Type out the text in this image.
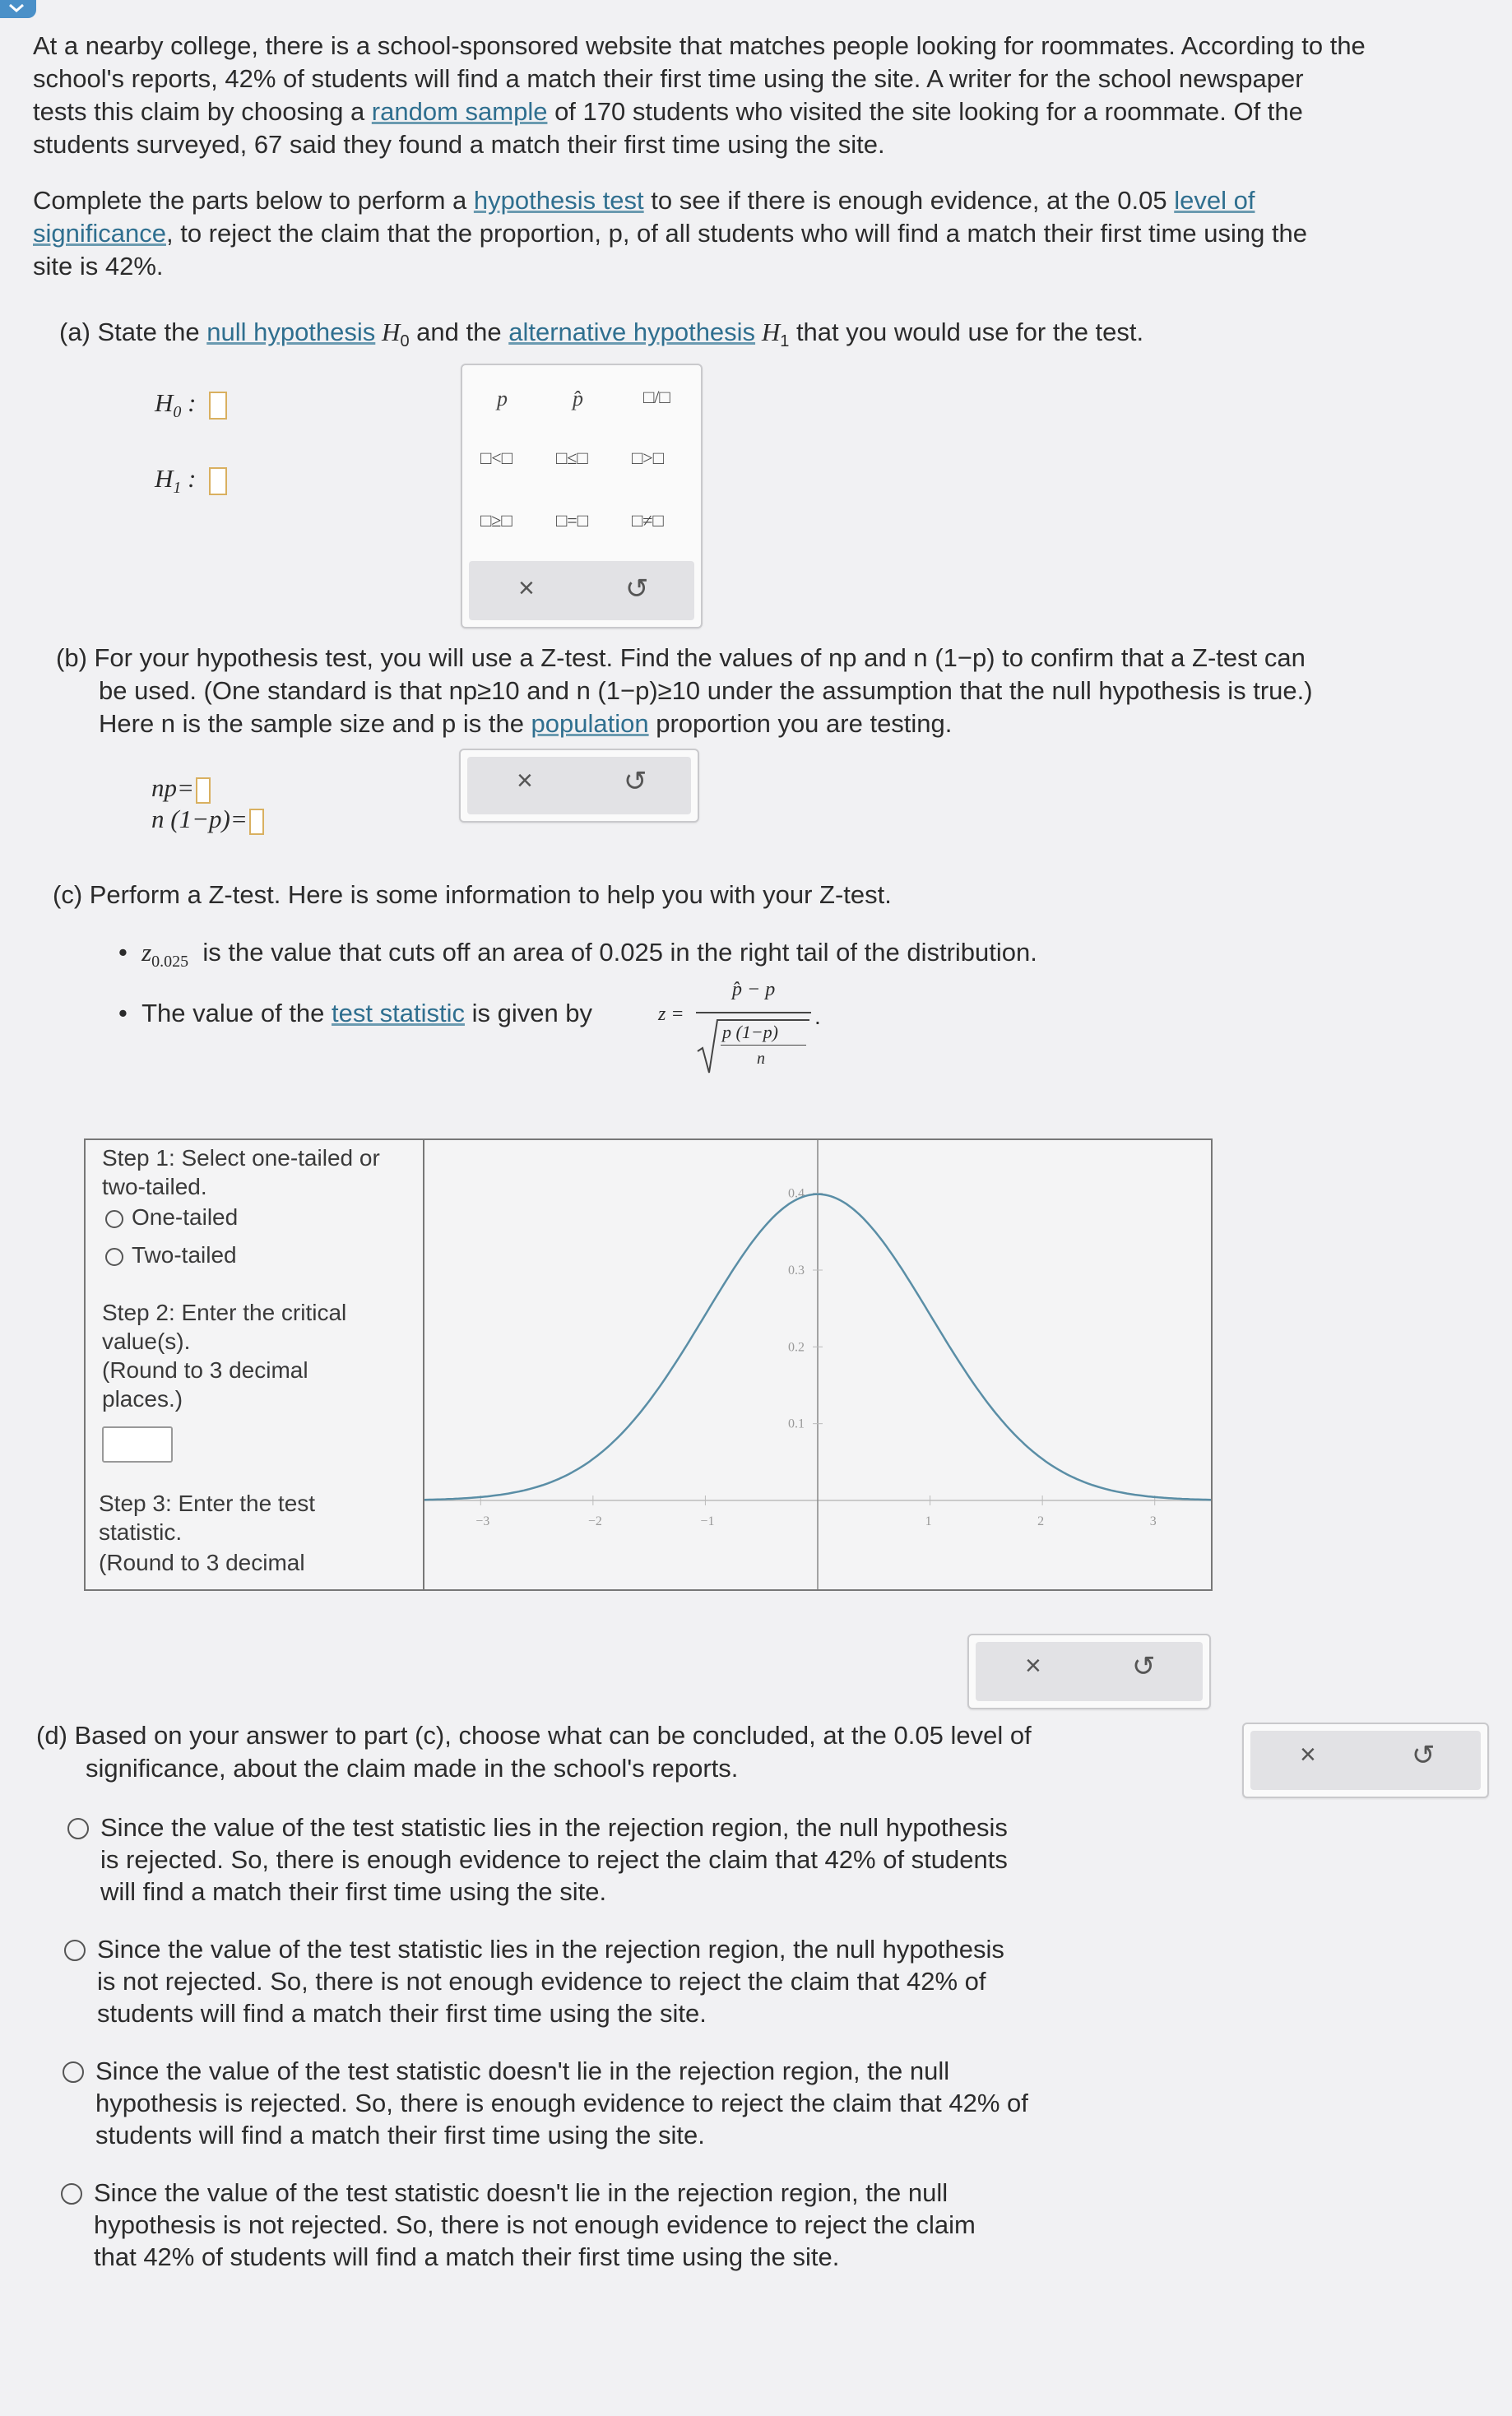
At a nearby college, there is a school-sponsored website that matches people looking for roommates. According to the
school's reports, 42% of students will find a match their first time using the site. A writer for the school newspaper
tests this claim by choosing a random sample of 170 students who visited the site looking for a roommate. Of the
students surveyed, 67 said they found a match their first time using the site.
Complete the parts below to perform a hypothesis test to see if there is enough evidence, at the 0.05 level of
significance, to reject the claim that the proportion, p, of all students who will find a match their first time using the
site is 42%.
(a) State the null hypothesis $H_0$ and the alternative hypothesis $H_1$ that you would use for the test.
$H_0$ :
$H_1$ :
p	p̂	□/□
□<□ □≤□ □>□
□≥□ □=□ □≠□
×	↺
(b) For your hypothesis test, you will use a Z-test. Find the values of np and n (1−p) to confirm that a Z-test can
be used. (One standard is that np≥10 and n (1−p)≥10 under the assumption that the null hypothesis is true.)
Here n is the sample size and p is the population proportion you are testing.
np=
n (1−p)=
×	↺
(c) Perform a Z-test. Here is some information to help you with your Z-test.
•  $z_{0.025}$ is the value that cuts off an area of 0.025 in the right tail of the distribution.
•  The value of the test statistic is given by	z =
p̂ − p
p (1−p)
n
.
Step 1: Select one-tailed or two-tailed.
One-tailed
Two-tailed
Step 2: Enter the critical value(s).
(Round to 3 decimal places.)
Step 3: Enter the test statistic.
(Round to 3 decimal
−3	−2	−1	1	2	3
0.1
0.2
0.3
0.4
×	↺
(d) Based on your answer to part (c), choose what can be concluded, at the 0.05 level of
significance, about the claim made in the school's reports.	×	↺
Since the value of the test statistic lies in the rejection region, the null hypothesis
is rejected. So, there is enough evidence to reject the claim that 42% of students
will find a match their first time using the site.
Since the value of the test statistic lies in the rejection region, the null hypothesis
is not rejected. So, there is not enough evidence to reject the claim that 42% of
students will find a match their first time using the site.
Since the value of the test statistic doesn't lie in the rejection region, the null
hypothesis is rejected. So, there is enough evidence to reject the claim that 42% of
students will find a match their first time using the site.
Since the value of the test statistic doesn't lie in the rejection region, the null
hypothesis is not rejected. So, there is not enough evidence to reject the claim
that 42% of students will find a match their first time using the site.
